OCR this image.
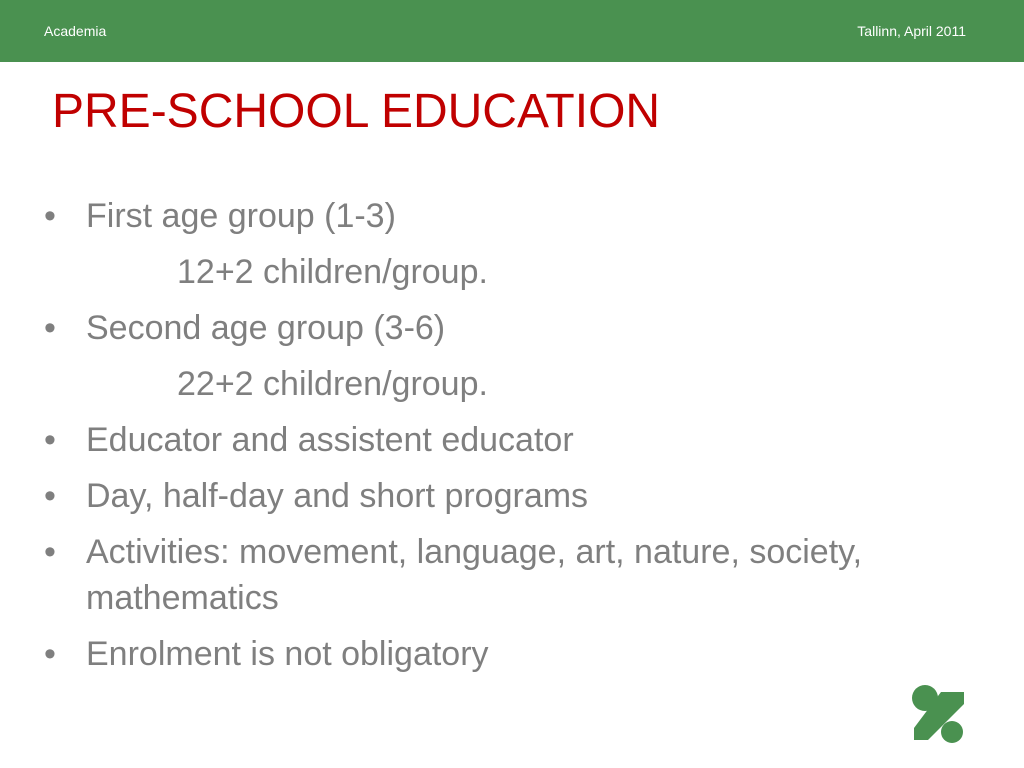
Academia	Tallinn, April 2011
PRE-SCHOOL EDUCATION
• First age group (1-3)
12+2 children/group.
• Second age group (3-6)
22+2 children/group.
• Educator and assistent educator
• Day, half-day and short programs
• Activities: movement, language, art, nature, society, mathematics
• Enrolment is not obligatory
